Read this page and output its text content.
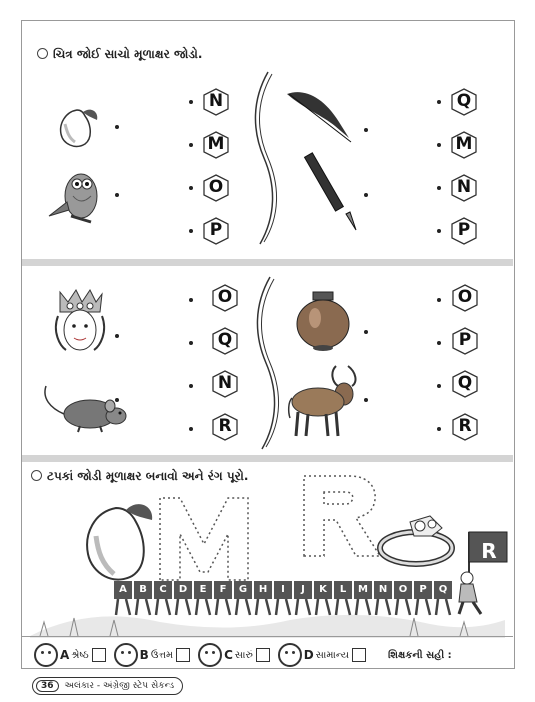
ચિત્ર જોઈ સાચો મૂળાક્ષર જોડો.
N
M
O
P
Q
M
N
P
O
Q
N
R
O
P
Q
R
ટપકાં જોડી મૂળાક્ષર બનાવો અને રંગ પૂરો.
R
A	B	C	D	E	F	G	H	I	J	K	L	M	N	O	P	Q
A શ્રેષ્ઠ	B ઉત્તમ	C સારું	D સામાન્ય	શિક્ષકની સહી :
36	અલંકાર - અંગ્રેજી સ્ટેપ સેકન્ડ
